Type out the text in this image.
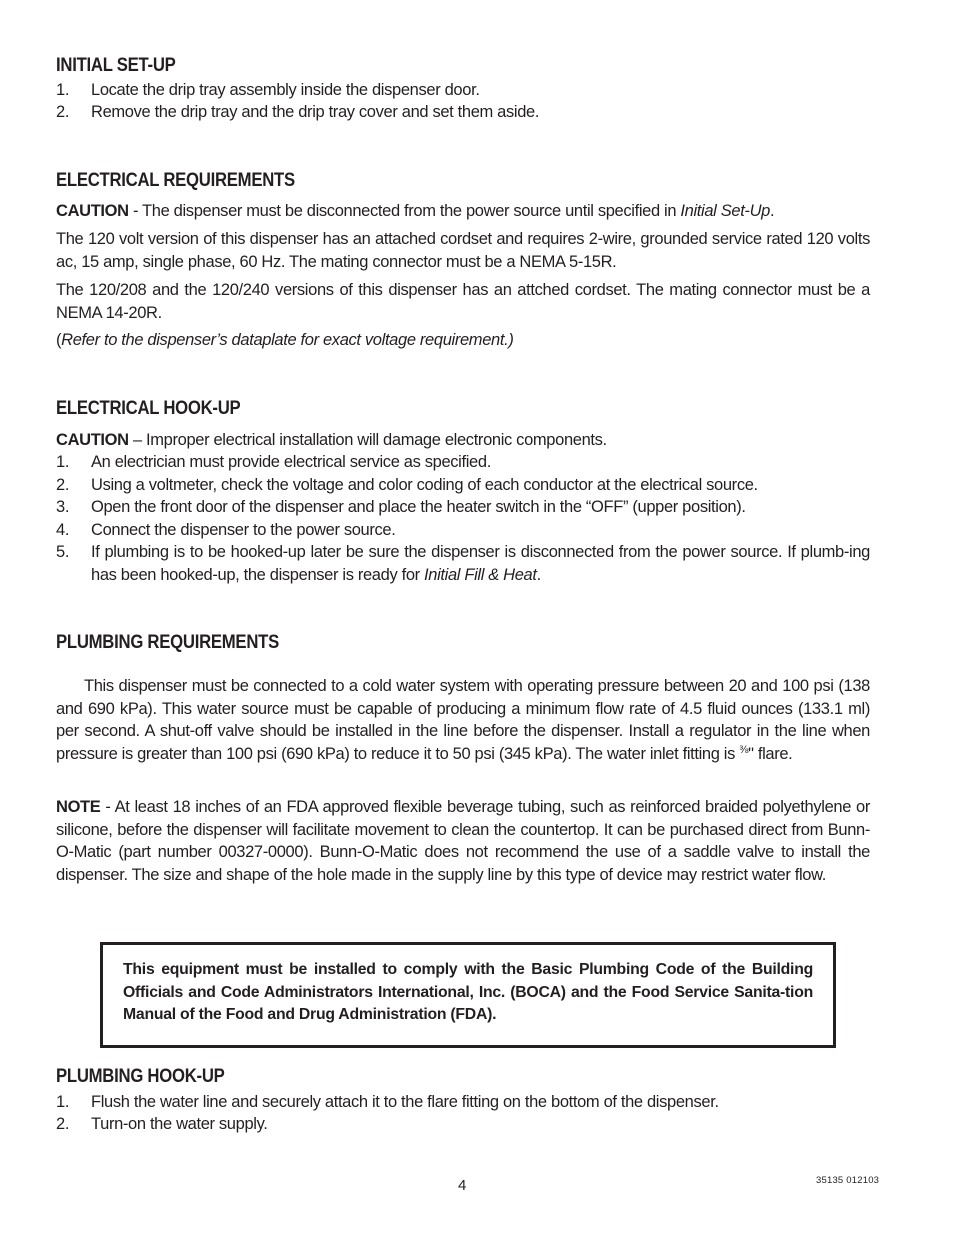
INITIAL SET-UP
1.	Locate the drip tray assembly inside the dispenser door.
2.	Remove the drip tray and the drip tray cover and set them aside.
ELECTRICAL REQUIREMENTS
CAUTION - The dispenser must be disconnected from the power source until specified in Initial Set-Up.
The 120 volt version of this dispenser has an attached cordset and requires 2-wire, grounded service rated 120 volts ac, 15 amp, single phase, 60 Hz. The mating connector must be a NEMA 5-15R.
The 120/208 and the 120/240 versions of this dispenser has an attched cordset. The mating connector must be a NEMA 14-20R.
(Refer to the dispenser’s dataplate for exact voltage requirement.)
ELECTRICAL HOOK-UP
CAUTION – Improper electrical installation will damage electronic components.
1.	An electrician must provide electrical service as specified.
2.	Using a voltmeter, check the voltage and color coding of each conductor at the electrical source.
3.	Open the front door of the dispenser and place the heater switch in the “OFF” (upper position).
4.	Connect the dispenser to the power source.
5.	If plumbing is to be hooked-up later be sure the dispenser is disconnected from the power source. If plumb-ing has been hooked-up, the dispenser is ready for Initial Fill & Heat.
PLUMBING REQUIREMENTS
This dispenser must be connected to a cold water system with operating pressure between 20 and 100 psi (138 and 690 kPa). This water source must be capable of producing a minimum flow rate of 4.5 fluid ounces (133.1 ml) per second. A shut-off valve should be installed in the line before the dispenser. Install a regulator in the line when pressure is greater than 100 psi (690 kPa) to reduce it to 50 psi (345 kPa). The water inlet fitting is $^{\frac{3}{8}}$" flare.
NOTE - At least 18 inches of an FDA approved flexible beverage tubing, such as reinforced braided polyethylene or silicone, before the dispenser will facilitate movement to clean the countertop. It can be purchased direct from Bunn-O-Matic (part number 00327-0000). Bunn-O-Matic does not recommend the use of a saddle valve to install the dispenser. The size and shape of the hole made in the supply line by this type of device may restrict water flow.
PLUMBING HOOK-UP
1.	Flush the water line and securely attach it to the flare fitting on the bottom of the dispenser.
2.	Turn-on the water supply.
This equipment must be installed to comply with the Basic Plumbing Code of the Building Officials and Code Administrators International, Inc. (BOCA) and the Food Service Sanita-tion Manual of the Food and Drug Administration (FDA).
4	35135 012103
